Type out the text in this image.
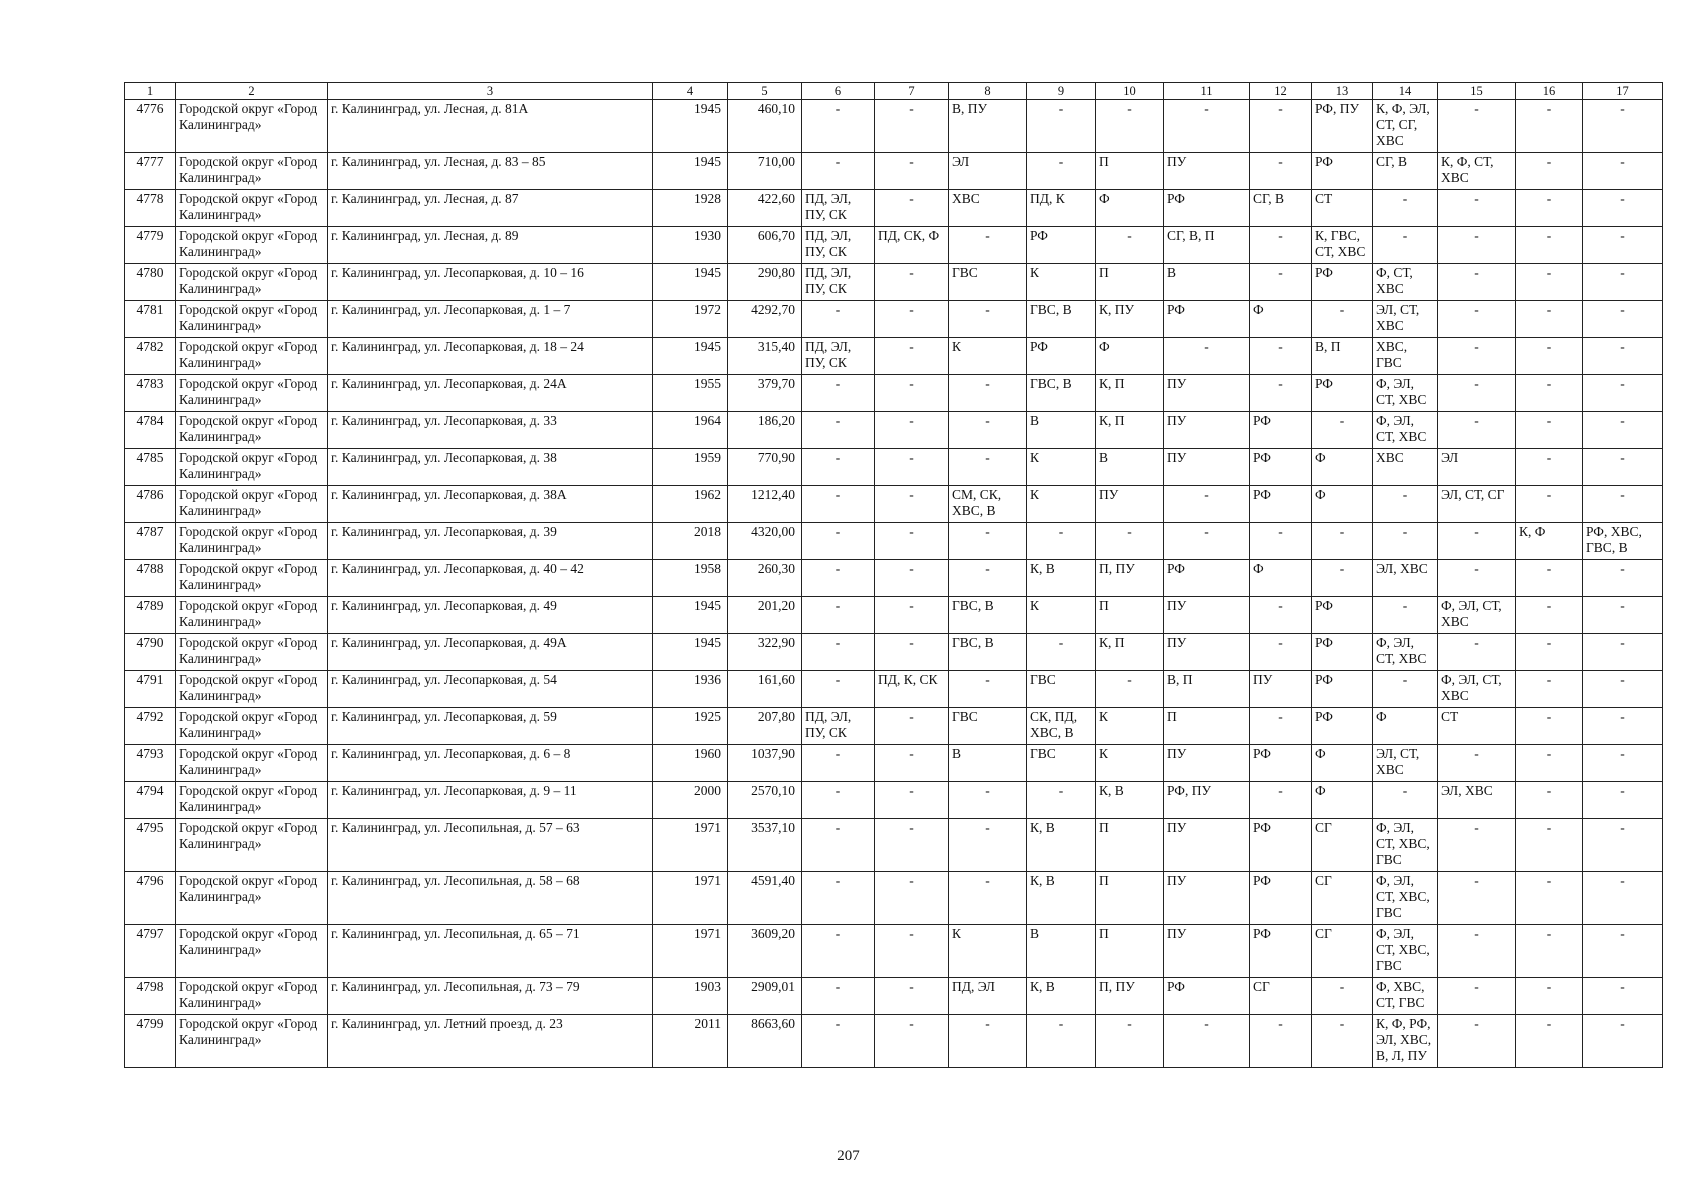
1	2	3	4	5	6	7	8	9	10	11	12	13	14	15	16	17
4776	Городской округ «Город Калининград»	г. Калининград, ул. Лесная, д. 81А	1945	460,10	-	-	В, ПУ	-	-	-	-	РФ, ПУ	К, Ф, ЭЛ, СТ, СГ, ХВС	-	-	-
4777	Городской округ «Город Калининград»	г. Калининград, ул. Лесная, д. 83 – 85	1945	710,00	-	-	ЭЛ	-	П	ПУ	-	РФ	СГ, В	К, Ф, СТ, ХВС	-	-
4778	Городской округ «Город Калининград»	г. Калининград, ул. Лесная, д. 87	1928	422,60	ПД, ЭЛ, ПУ, СК	-	ХВС	ПД, К	Ф	РФ	СГ, В	СТ	-	-	-	-
4779	Городской округ «Город Калининград»	г. Калининград, ул. Лесная, д. 89	1930	606,70	ПД, ЭЛ, ПУ, СК	ПД, СК, Ф	-	РФ	-	СГ, В, П	-	К, ГВС, СТ, ХВС	-	-	-	-
4780	Городской округ «Город Калининград»	г. Калининград, ул. Лесопарковая, д. 10 – 16	1945	290,80	ПД, ЭЛ, ПУ, СК	-	ГВС	К	П	В	-	РФ	Ф, СТ, ХВС	-	-	-
4781	Городской округ «Город Калининград»	г. Калининград, ул. Лесопарковая, д. 1 – 7	1972	4292,70	-	-	-	ГВС, В	К, ПУ	РФ	Ф	-	ЭЛ, СТ, ХВС	-	-	-
4782	Городской округ «Город Калининград»	г. Калининград, ул. Лесопарковая, д. 18 – 24	1945	315,40	ПД, ЭЛ, ПУ, СК	-	К	РФ	Ф	-	-	В, П	ХВС, ГВС	-	-	-
4783	Городской округ «Город Калининград»	г. Калининград, ул. Лесопарковая, д. 24А	1955	379,70	-	-	-	ГВС, В	К, П	ПУ	-	РФ	Ф, ЭЛ, СТ, ХВС	-	-	-
4784	Городской округ «Город Калининград»	г. Калининград, ул. Лесопарковая, д. 33	1964	186,20	-	-	-	В	К, П	ПУ	РФ	-	Ф, ЭЛ, СТ, ХВС	-	-	-
4785	Городской округ «Город Калининград»	г. Калининград, ул. Лесопарковая, д. 38	1959	770,90	-	-	-	К	В	ПУ	РФ	Ф	ХВС	ЭЛ	-	-
4786	Городской округ «Город Калининград»	г. Калининград, ул. Лесопарковая, д. 38А	1962	1212,40	-	-	СМ, СК, ХВС, В	К	ПУ	-	РФ	Ф	-	ЭЛ, СТ, СГ	-	-
4787	Городской округ «Город Калининград»	г. Калининград, ул. Лесопарковая, д. 39	2018	4320,00	-	-	-	-	-	-	-	-	-	-	К, Ф	РФ, ХВС, ГВС, В
4788	Городской округ «Город Калининград»	г. Калининград, ул. Лесопарковая, д. 40 – 42	1958	260,30	-	-	-	К, В	П, ПУ	РФ	Ф	-	ЭЛ, ХВС	-	-	-
4789	Городской округ «Город Калининград»	г. Калининград, ул. Лесопарковая, д. 49	1945	201,20	-	-	ГВС, В	К	П	ПУ	-	РФ	-	Ф, ЭЛ, СТ, ХВС	-	-
4790	Городской округ «Город Калининград»	г. Калининград, ул. Лесопарковая, д. 49А	1945	322,90	-	-	ГВС, В	-	К, П	ПУ	-	РФ	Ф, ЭЛ, СТ, ХВС	-	-	-
4791	Городской округ «Город Калининград»	г. Калининград, ул. Лесопарковая, д. 54	1936	161,60	-	ПД, К, СК	-	ГВС	-	В, П	ПУ	РФ	-	Ф, ЭЛ, СТ, ХВС	-	-
4792	Городской округ «Город Калининград»	г. Калининград, ул. Лесопарковая, д. 59	1925	207,80	ПД, ЭЛ, ПУ, СК	-	ГВС	СК, ПД, ХВС, В	К	П	-	РФ	Ф	СТ	-	-
4793	Городской округ «Город Калининград»	г. Калининград, ул. Лесопарковая, д. 6 – 8	1960	1037,90	-	-	В	ГВС	К	ПУ	РФ	Ф	ЭЛ, СТ, ХВС	-	-	-
4794	Городской округ «Город Калининград»	г. Калининград, ул. Лесопарковая, д. 9 – 11	2000	2570,10	-	-	-	-	К, В	РФ, ПУ	-	Ф	-	ЭЛ, ХВС	-	-
4795	Городской округ «Город Калининград»	г. Калининград, ул. Лесопильная, д. 57 – 63	1971	3537,10	-	-	-	К, В	П	ПУ	РФ	СГ	Ф, ЭЛ, СТ, ХВС, ГВС	-	-	-
4796	Городской округ «Город Калининград»	г. Калининград, ул. Лесопильная, д. 58 – 68	1971	4591,40	-	-	-	К, В	П	ПУ	РФ	СГ	Ф, ЭЛ, СТ, ХВС, ГВС	-	-	-
4797	Городской округ «Город Калининград»	г. Калининград, ул. Лесопильная, д. 65 – 71	1971	3609,20	-	-	К	В	П	ПУ	РФ	СГ	Ф, ЭЛ, СТ, ХВС, ГВС	-	-	-
4798	Городской округ «Город Калининград»	г. Калининград, ул. Лесопильная, д. 73 – 79	1903	2909,01	-	-	ПД, ЭЛ	К, В	П, ПУ	РФ	СГ	-	Ф, ХВС, СТ, ГВС	-	-	-
4799	Городской округ «Город Калининград»	г. Калининград, ул. Летний проезд, д. 23	2011	8663,60	-	-	-	-	-	-	-	-	К, Ф, РФ, ЭЛ, ХВС, В, Л, ПУ	-	-	-
207
